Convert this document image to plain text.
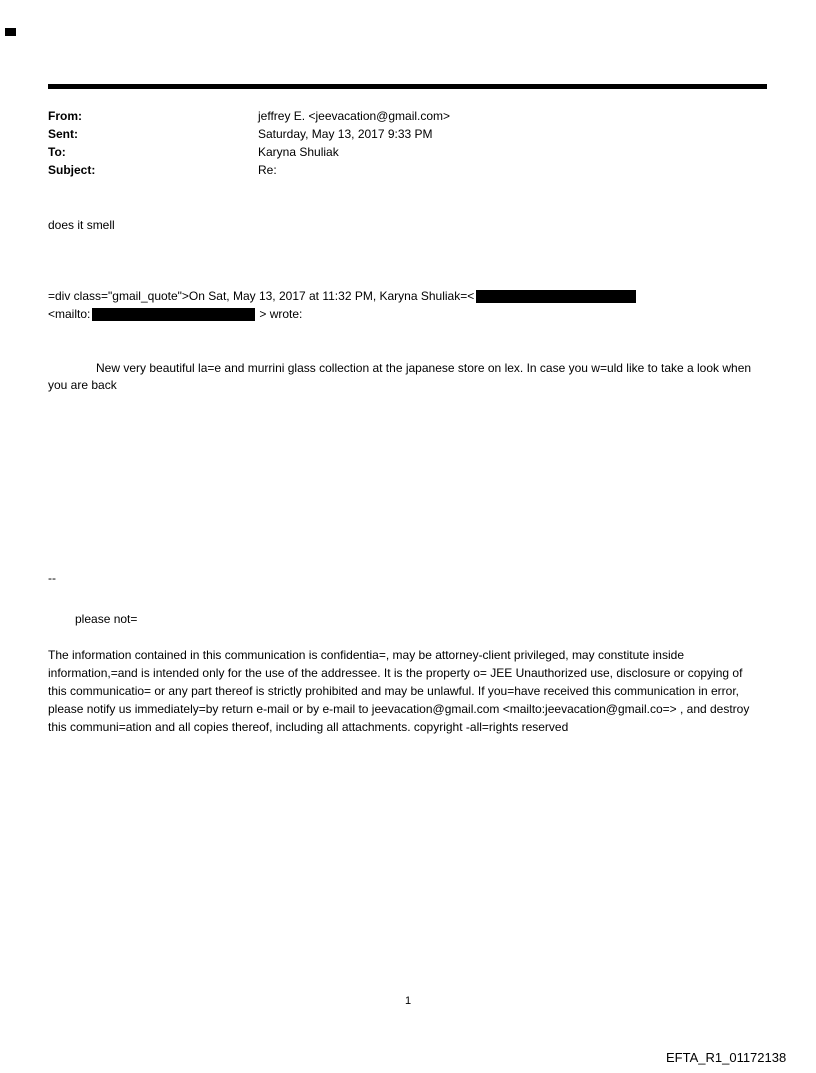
From:	jeffrey E. <jeevacation@gmail.com>
Sent:	Saturday, May 13, 2017 9:33 PM
To:	Karyna Shuliak
Subject:	Re:
does it smell
=div class="gmail_quote">On Sat, May 13, 2017 at 11:32 PM, Karyna Shuliak=<
<mailto:	> wrote:
New very beautiful la=e and murrini glass collection at the japanese store on lex. In case you w=uld like to take a look when you are back
--
please not=
The information contained in this communication is confidentia=, may be attorney-client privileged, may constitute inside information,=and is intended only for the use of the addressee. It is the property o= JEE Unauthorized use, disclosure or copying of this communicatio= or any part thereof is strictly prohibited and may be unlawful. If you=have received this communication in error, please notify us immediately=by return e-mail or by e-mail to jeevacation@gmail.com <mailto:jeevacation@gmail.co=> , and destroy this communi=ation and all copies thereof, including all attachments. copyright -all=rights reserved
1
EFTA_R1_01172138
